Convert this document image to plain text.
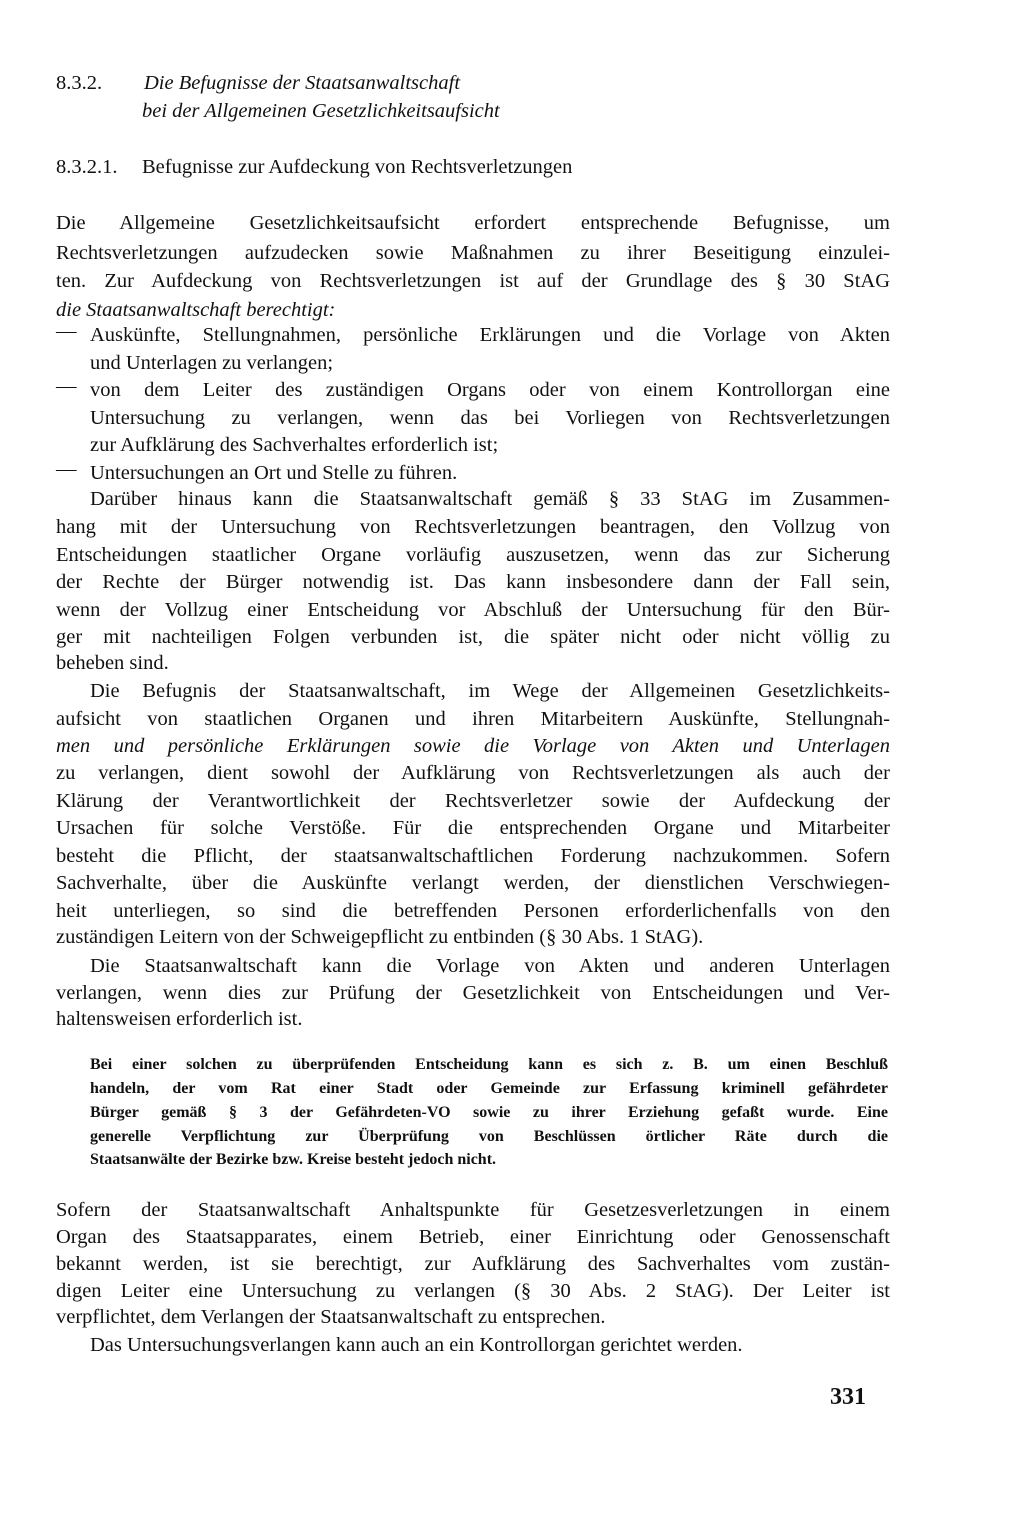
8.3.2. Die Befugnisse der Staatsanwaltschaft
bei der Allgemeinen Gesetzlichkeitsaufsicht
8.3.2.1. Befugnisse zur Aufdeckung von Rechtsverletzungen
Die Allgemeine Gesetzlichkeitsaufsicht erfordert entsprechende Befugnisse, um
Rechtsverletzungen aufzudecken sowie Maßnahmen zu ihrer Beseitigung einzulei-
ten. Zur Aufdeckung von Rechtsverletzungen ist auf der Grundlage des § 30 StAG
die Staatsanwaltschaft berechtigt:
— Auskünfte, Stellungnahmen, persönliche Erklärungen und die Vorlage von Akten
und Unterlagen zu verlangen;
— von dem Leiter des zuständigen Organs oder von einem Kontrollorgan eine
Untersuchung zu verlangen, wenn das bei Vorliegen von Rechtsverletzungen
zur Aufklärung des Sachverhaltes erforderlich ist;
— Untersuchungen an Ort und Stelle zu führen.
Darüber hinaus kann die Staatsanwaltschaft gemäß § 33 StAG im Zusammen-
hang mit der Untersuchung von Rechtsverletzungen beantragen, den Vollzug von
Entscheidungen staatlicher Organe vorläufig auszusetzen, wenn das zur Sicherung
der Rechte der Bürger notwendig ist. Das kann insbesondere dann der Fall sein,
wenn der Vollzug einer Entscheidung vor Abschluß der Untersuchung für den Bür-
ger mit nachteiligen Folgen verbunden ist, die später nicht oder nicht völlig zu
beheben sind.
Die Befugnis der Staatsanwaltschaft, im Wege der Allgemeinen Gesetzlichkeits-
aufsicht von staatlichen Organen und ihren Mitarbeitern Auskünfte, Stellungnah-
men und persönliche Erklärungen sowie die Vorlage von Akten und Unterlagen
zu verlangen, dient sowohl der Aufklärung von Rechtsverletzungen als auch der
Klärung der Verantwortlichkeit der Rechtsverletzer sowie der Aufdeckung der
Ursachen für solche Verstöße. Für die entsprechenden Organe und Mitarbeiter
besteht die Pflicht, der staatsanwaltschaftlichen Forderung nachzukommen. Sofern
Sachverhalte, über die Auskünfte verlangt werden, der dienstlichen Verschwiegen-
heit unterliegen, so sind die betreffenden Personen erforderlichenfalls von den
zuständigen Leitern von der Schweigepflicht zu entbinden (§ 30 Abs. 1 StAG).
Die Staatsanwaltschaft kann die Vorlage von Akten und anderen Unterlagen
verlangen, wenn dies zur Prüfung der Gesetzlichkeit von Entscheidungen und Ver-
haltensweisen erforderlich ist.
Bei einer solchen zu überprüfenden Entscheidung kann es sich z. B. um einen Beschluß
handeln, der vom Rat einer Stadt oder Gemeinde zur Erfassung kriminell gefährdeter
Bürger gemäß § 3 der Gefährdeten-VO sowie zu ihrer Erziehung gefaßt wurde. Eine
generelle Verpflichtung zur Überprüfung von Beschlüssen örtlicher Räte durch die
Staatsanwälte der Bezirke bzw. Kreise besteht jedoch nicht.
Sofern der Staatsanwaltschaft Anhaltspunkte für Gesetzesverletzungen in einem
Organ des Staatsapparates, einem Betrieb, einer Einrichtung oder Genossenschaft
bekannt werden, ist sie berechtigt, zur Aufklärung des Sachverhaltes vom zustän-
digen Leiter eine Untersuchung zu verlangen (§ 30 Abs. 2 StAG). Der Leiter ist
verpflichtet, dem Verlangen der Staatsanwaltschaft zu entsprechen.
Das Untersuchungsverlangen kann auch an ein Kontrollorgan gerichtet werden.
331
